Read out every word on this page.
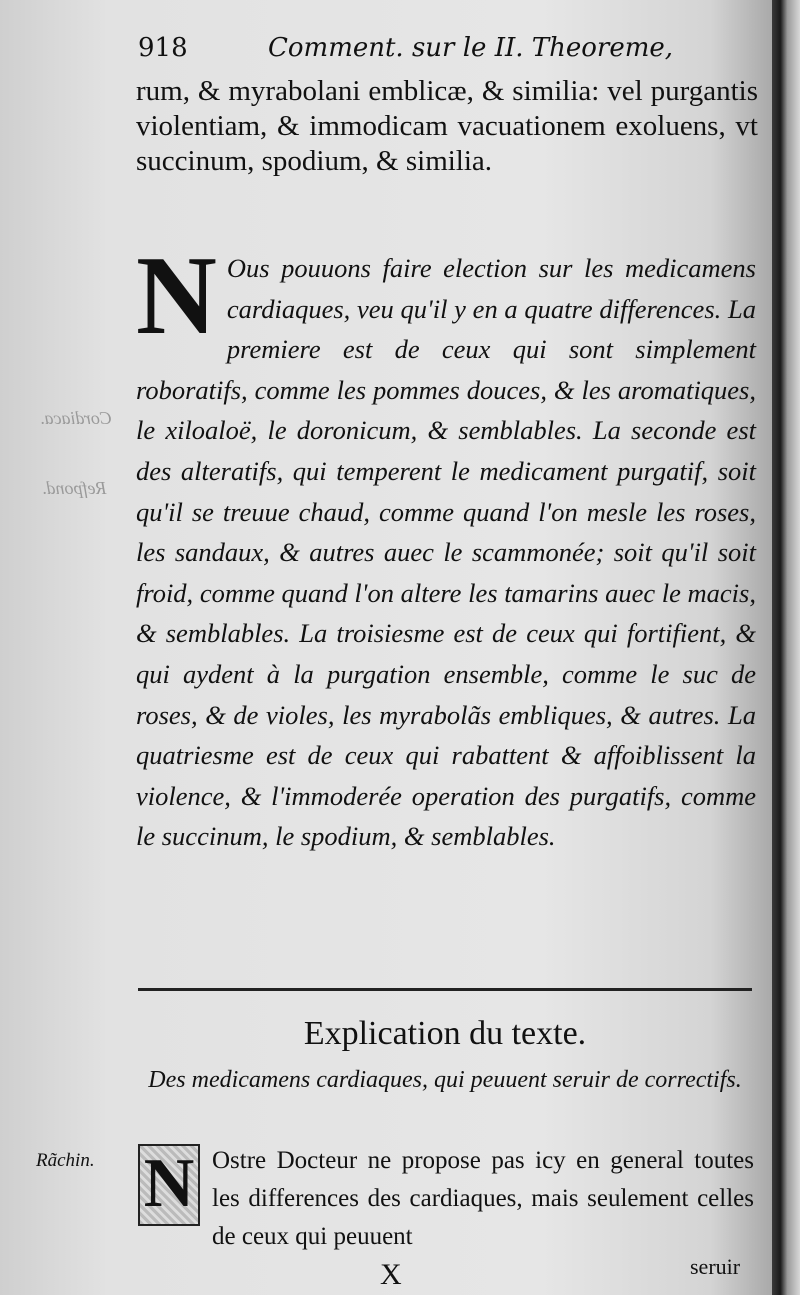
918	Comment. sur le II. Theoreme,
rum, & myrabolani emblicæ, & similia: vel purgantis violentiam, & immodicam vacuationem exoluens, vt succinum, spodium, & similia.
Cordiaca.
Refpond.
N Ous pouuons faire election sur les medicamens cardiaques, veu qu'il y en a quatre differences. La premiere est de ceux qui sont simplement roboratifs, comme les pommes douces, & les aromatiques, le xiloaloë, le doronicum, & semblables. La seconde est des alteratifs, qui temperent le medicament purgatif, soit qu'il se treuue chaud, comme quand l'on mesle les roses, les sandaux, & autres auec le scammonée; soit qu'il soit froid, comme quand l'on altere les tamarins auec le macis, & semblables. La troisiesme est de ceux qui fortifient, & qui aydent à la purgation ensemble, comme le suc de roses, & de violes, les myrabolãs embliques, & autres. La quatriesme est de ceux qui rabattent & affoiblissent la violence, & l'immoderée operation des purgatifs, comme le succinum, le spodium, & semblables.
Explication du texte.
Des medicamens cardiaques, qui peuuent seruir de correctifs.
Rãchin. N Ostre Docteur ne propose pas icy en general toutes les differences des cardiaques, mais seulement celles de ceux qui peuuent
X	seruir
